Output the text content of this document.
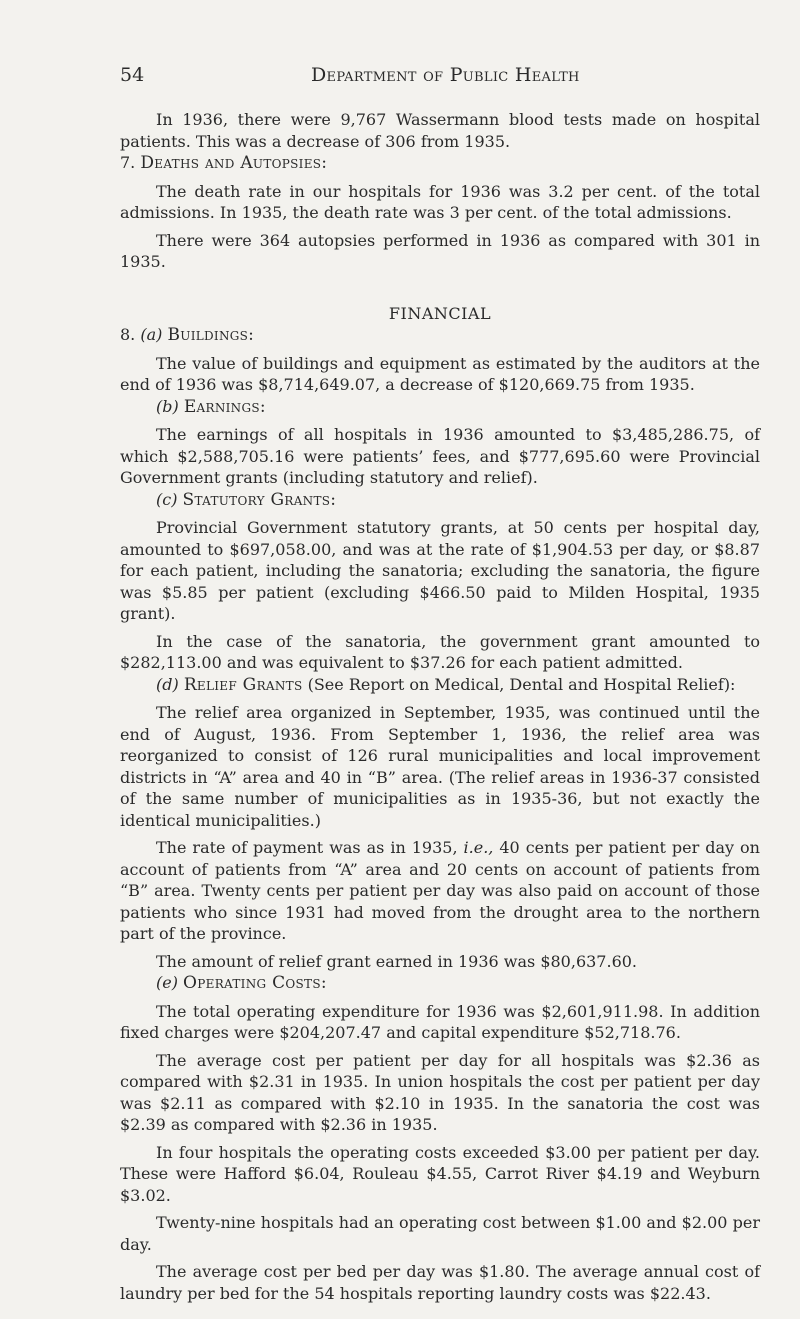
54	Department of Public Health

In 1936, there were 9,767 Wassermann blood tests made on hospital patients. This was a decrease of 306 from 1935.

7. Deaths and Autopsies:

The death rate in our hospitals for 1936 was 3.2 per cent. of the total admissions. In 1935, the death rate was 3 per cent. of the total admissions.

There were 364 autopsies performed in 1936 as compared with 301 in 1935.

FINANCIAL

8. (a) Buildings:

The value of buildings and equipment as estimated by the auditors at the end of 1936 was $8,714,649.07, a decrease of $120,669.75 from 1935.

(b) Earnings:

The earnings of all hospitals in 1936 amounted to $3,485,286.75, of which $2,588,705.16 were patients’ fees, and $777,695.60 were Provincial Government grants (including statutory and relief).

(c) Statutory Grants:

Provincial Government statutory grants, at 50 cents per hospital day, amounted to $697,058.00, and was at the rate of $1,904.53 per day, or $8.87 for each patient, including the sanatoria; excluding the sanatoria, the figure was $5.85 per patient (excluding $466.50 paid to Milden Hospital, 1935 grant).

In the case of the sanatoria, the government grant amounted to $282,113.00 and was equivalent to $37.26 for each patient admitted.

(d) Relief Grants (See Report on Medical, Dental and Hospital Relief):

The relief area organized in September, 1935, was continued until the end of August, 1936. From September 1, 1936, the relief area was reorganized to consist of 126 rural municipalities and local improvement districts in “A” area and 40 in “B” area. (The relief areas in 1936-37 consisted of the same number of municipalities as in 1935-36, but not exactly the identical municipalities.)

The rate of payment was as in 1935, i.e., 40 cents per patient per day on account of patients from “A” area and 20 cents on account of patients from “B” area. Twenty cents per patient per day was also paid on account of those patients who since 1931 had moved from the drought area to the northern part of the province.

The amount of relief grant earned in 1936 was $80,637.60.

(e) Operating Costs:

The total operating expenditure for 1936 was $2,601,911.98. In addition fixed charges were $204,207.47 and capital expenditure $52,718.76.

The average cost per patient per day for all hospitals was $2.36 as compared with $2.31 in 1935. In union hospitals the cost per patient per day was $2.11 as compared with $2.10 in 1935. In the sanatoria the cost was $2.39 as compared with $2.36 in 1935.

In four hospitals the operating costs exceeded $3.00 per patient per day. These were Hafford $6.04, Rouleau $4.55, Carrot River $4.19 and Weyburn $3.02.

Twenty-nine hospitals had an operating cost between $1.00 and $2.00 per day.

The average cost per bed per day was $1.80. The average annual cost of laundry per bed for the 54 hospitals reporting laundry costs was $22.43.
